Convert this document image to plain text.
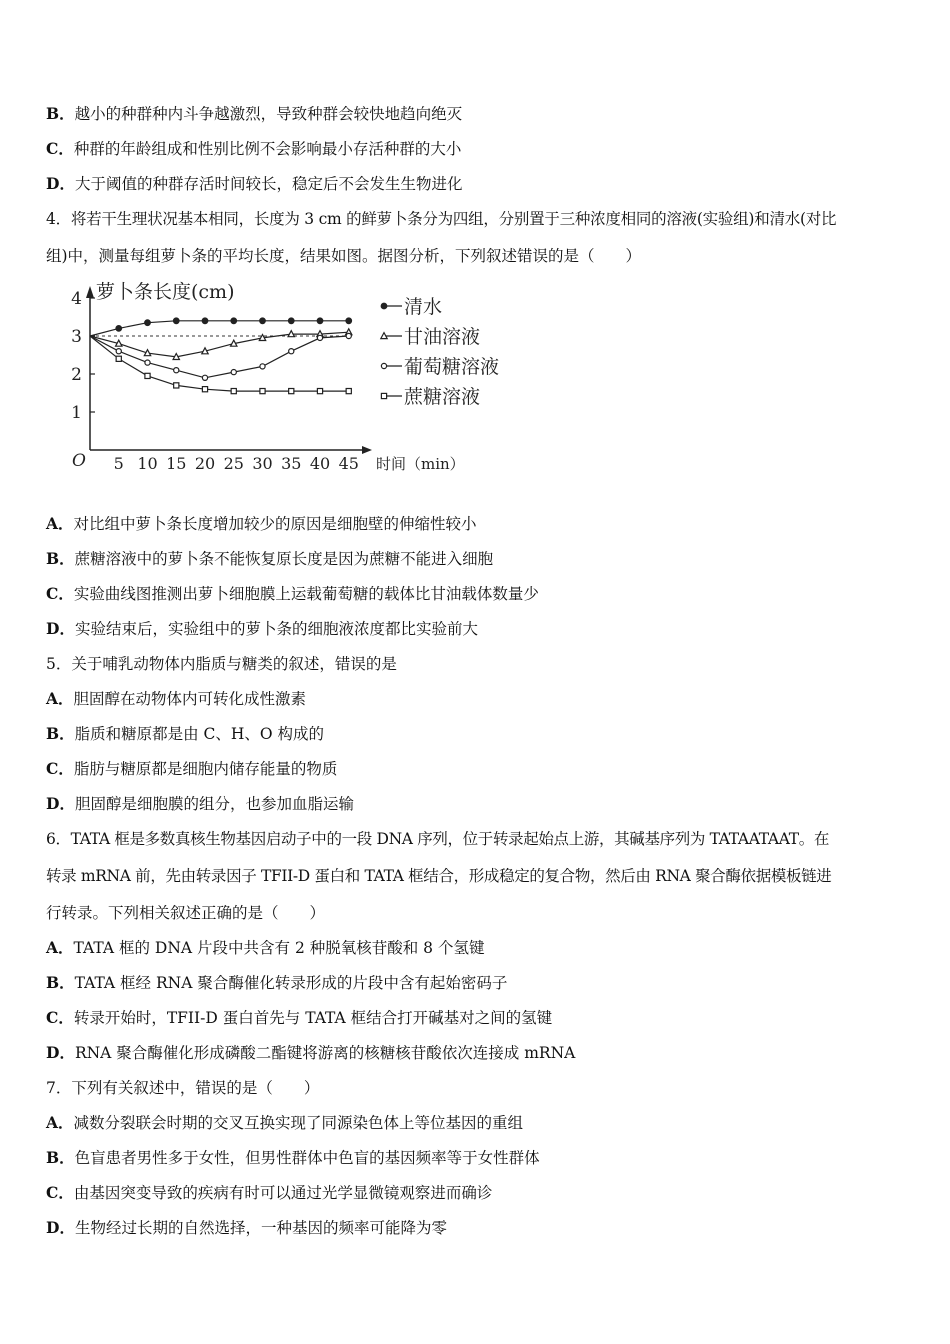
B．越小的种群种内斗争越激烈，导致种群会较快地趋向绝灭
C．种群的年龄组成和性别比例不会影响最小存活种群的大小
D．大于阈值的种群存活时间较长，稳定后不会发生生物进化
4．将若干生理状况基本相同，长度为 3 cm 的鲜萝卜条分为四组，分别置于三种浓度相同的溶液(实验组)和清水(对比
组)中，测量每组萝卜条的平均长度，结果如图。据图分析，下列叙述错误的是（　　）
萝卜条长度(cm)
O	时间（min）
1
2
3
4
5 10 15 20 25 30 35 40 45
清水
甘油溶液
葡萄糖溶液
蔗糖溶液
A．对比组中萝卜条长度增加较少的原因是细胞壁的伸缩性较小
B．蔗糖溶液中的萝卜条不能恢复原长度是因为蔗糖不能进入细胞
C．实验曲线图推测出萝卜细胞膜上运载葡萄糖的载体比甘油载体数量少
D．实验结束后，实验组中的萝卜条的细胞液浓度都比实验前大
5．关于哺乳动物体内脂质与糖类的叙述，错误的是
A．胆固醇在动物体内可转化成性激素
B．脂质和糖原都是由 C、H、O 构成的
C．脂肪与糖原都是细胞内储存能量的物质
D．胆固醇是细胞膜的组分，也参加血脂运输
6．TATA 框是多数真核生物基因启动子中的一段 DNA 序列，位于转录起始点上游，其碱基序列为 TATAATAAT。在
转录 mRNA 前，先由转录因子 TFII-D 蛋白和 TATA 框结合，形成稳定的复合物，然后由 RNA 聚合酶依据模板链进
行转录。下列相关叙述正确的是（　　）
A．TATA 框的 DNA 片段中共含有 2 种脱氧核苷酸和 8 个氢键
B．TATA 框经 RNA 聚合酶催化转录形成的片段中含有起始密码子
C．转录开始时，TFII-D 蛋白首先与 TATA 框结合打开碱基对之间的氢键
D．RNA 聚合酶催化形成磷酸二酯键将游离的核糖核苷酸依次连接成 mRNA
7．下列有关叙述中，错误的是（　　）
A．减数分裂联会时期的交叉互换实现了同源染色体上等位基因的重组
B．色盲患者男性多于女性，但男性群体中色盲的基因频率等于女性群体
C．由基因突变导致的疾病有时可以通过光学显微镜观察进而确诊
D．生物经过长期的自然选择，一种基因的频率可能降为零
